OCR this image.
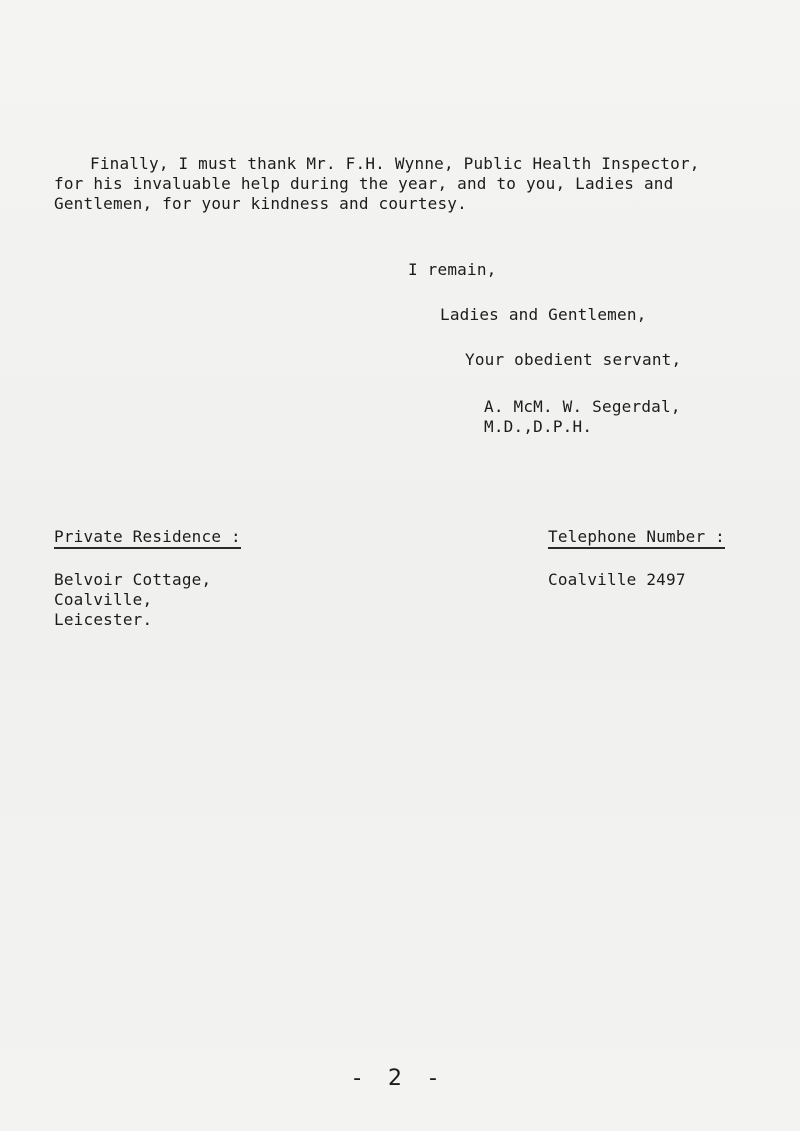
Finally, I must thank Mr. F.H. Wynne, Public Health Inspector,
for his invaluable help during the year, and to you, Ladies and
Gentlemen, for your kindness and courtesy.
I remain,
Ladies and Gentlemen,
Your obedient servant,
A. McM. W. Segerdal,
M.D.,D.P.H.
Private Residence :
Belvoir Cottage,
Coalville,
Leicester.
Telephone Number :
Coalville 2497
- 2 -
